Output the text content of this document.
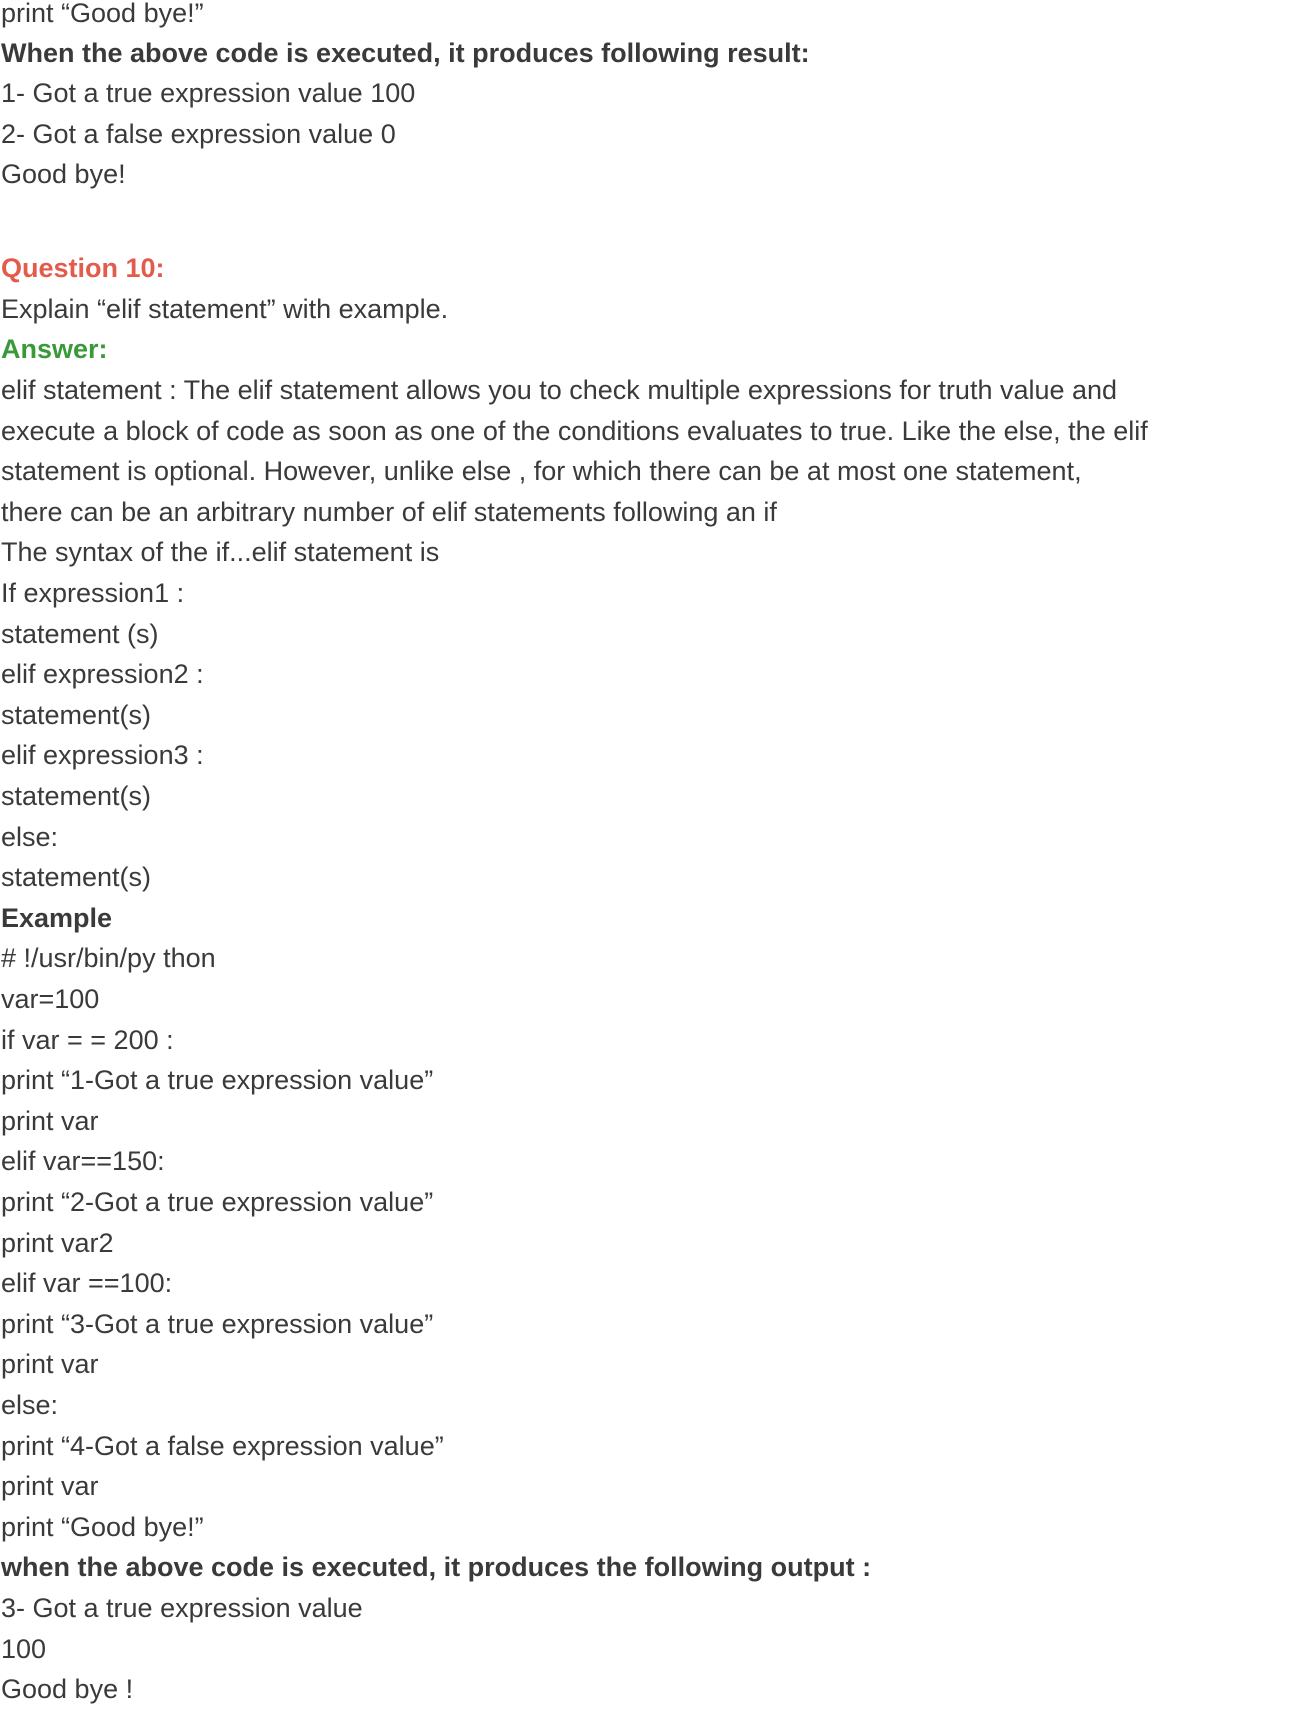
print “Good bye!”

When the above code is executed, it produces following result:

1- Got a true expression value 100

2- Got a false expression value 0

Good bye!

Question 10:

Explain “elif statement” with example.

Answer:

elif statement : The elif statement allows you to check multiple expressions for truth value and

execute a block of code as soon as one of the conditions evaluates to true. Like the else, the elif

statement is optional. However, unlike else , for which there can be at most one statement,

there can be an arbitrary number of elif statements following an if

The syntax of the if...elif statement is

If expression1 :

statement (s)

elif expression2 :

statement(s)

elif expression3 :

statement(s)

else:

statement(s)

Example

# !/usr/bin/py thon

var=100

if var = = 200 :

print “1-Got a true expression value”

print var

elif var==150:

print “2-Got a true expression value”

print var2

elif var ==100:

print “3-Got a true expression value”

print var

else:

print “4-Got a false expression value”

print var

print “Good bye!”

when the above code is executed, it produces the following output :

3- Got a true expression value

100

Good bye !
